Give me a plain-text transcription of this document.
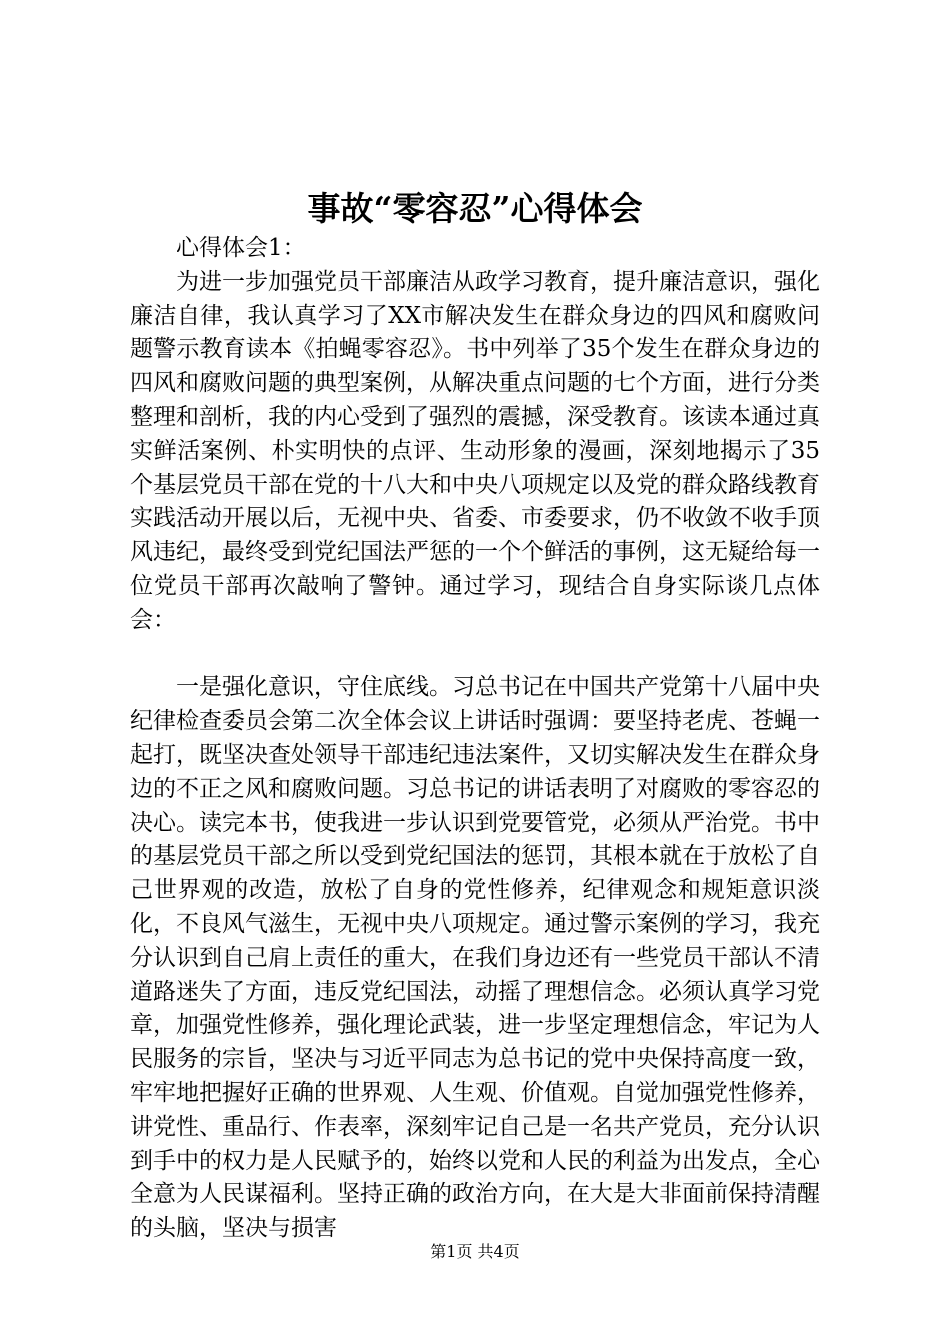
事故“零容忍”心得体会

心得体会1：

为进一步加强党员干部廉洁从政学习教育，提升廉洁意识，强化廉洁自律，我认真学习了XX市解决发生在群众身边的四风和腐败问题警示教育读本《拍蝇零容忍》。书中列举了35个发生在群众身边的四风和腐败问题的典型案例，从解决重点问题的七个方面，进行分类整理和剖析，我的内心受到了强烈的震撼，深受教育。该读本通过真实鲜活案例、朴实明快的点评、生动形象的漫画，深刻地揭示了35个基层党员干部在党的十八大和中央八项规定以及党的群众路线教育实践活动开展以后，无视中央、省委、市委要求，仍不收敛不收手顶风违纪，最终受到党纪国法严惩的一个个鲜活的事例，这无疑给每一位党员干部再次敲响了警钟。通过学习，现结合自身实际谈几点体会：

一是强化意识，守住底线。习总书记在中国共产党第十八届中央纪律检查委员会第二次全体会议上讲话时强调：要坚持老虎、苍蝇一起打，既坚决查处领导干部违纪违法案件，又切实解决发生在群众身边的不正之风和腐败问题。习总书记的讲话表明了对腐败的零容忍的决心。读完本书，使我进一步认识到党要管党，必须从严治党。书中的基层党员干部之所以受到党纪国法的惩罚，其根本就在于放松了自己世界观的改造，放松了自身的党性修养，纪律观念和规矩意识淡化，不良风气滋生，无视中央八项规定。通过警示案例的学习，我充分认识到自己肩上责任的重大，在我们身边还有一些党员干部认不清道路迷失了方面，违反党纪国法，动摇了理想信念。必须认真学习党章，加强党性修养，强化理论武装，进一步坚定理想信念，牢记为人民服务的宗旨，坚决与习近平同志为总书记的党中央保持高度一致，牢牢地把握好正确的世界观、人生观、价值观。自觉加强党性修养，讲党性、重品行、作表率，深刻牢记自己是一名共产党员，充分认识到手中的权力是人民赋予的，始终以党和人民的利益为出发点，全心全意为人民谋福利。坚持正确的政治方向，在大是大非面前保持清醒的头脑，坚决与损害

第1页 共4页
